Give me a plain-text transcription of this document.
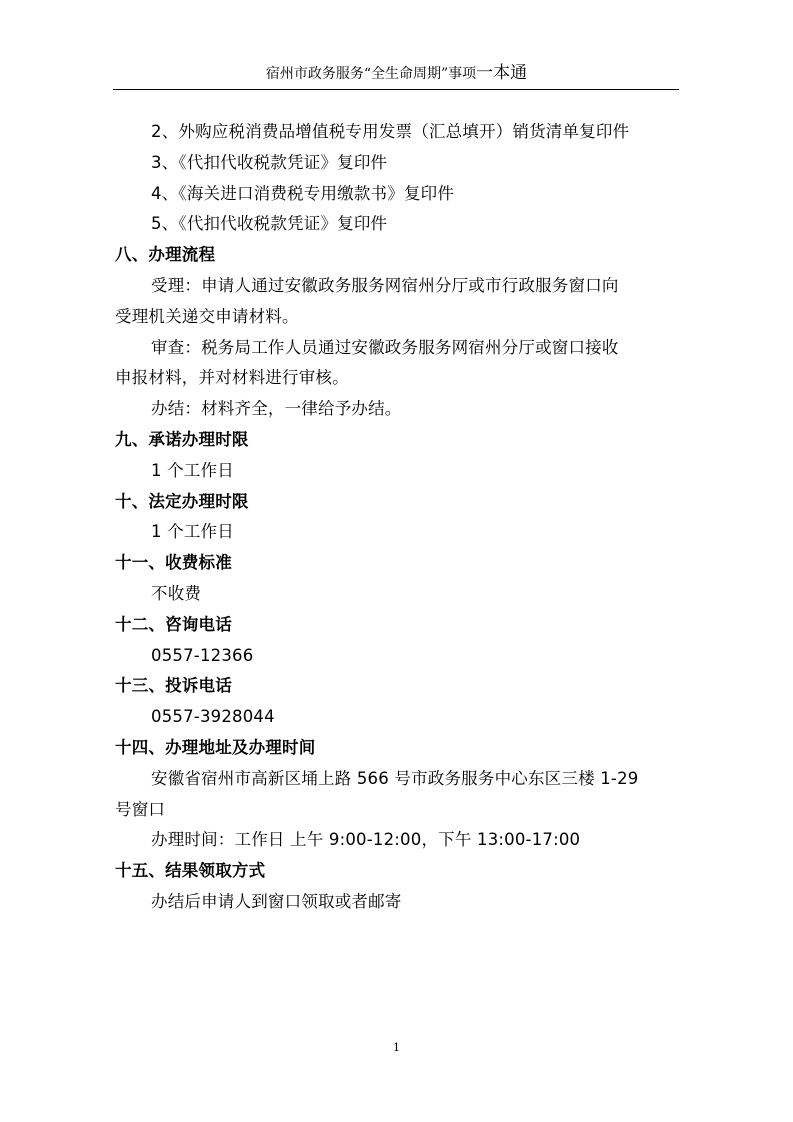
宿州市政务服务“全生命周期”事项一本通
2、外购应税消费品增值税专用发票（汇总填开）销货清单复印件
3、《代扣代收税款凭证》复印件
4、《海关进口消费税专用缴款书》复印件
5、《代扣代收税款凭证》复印件
八、办理流程
受理：申请人通过安徽政务服务网宿州分厅或市行政服务窗口向
受理机关递交申请材料。
审查：税务局工作人员通过安徽政务服务网宿州分厅或窗口接收
申报材料，并对材料进行审核。
办结：材料齐全，一律给予办结。
九、承诺办理时限
1 个工作日
十、法定办理时限
1 个工作日
十一、收费标准
不收费
十二、咨询电话
0557-12366
十三、投诉电话
0557-3928044
十四、办理地址及办理时间
安徽省宿州市高新区埇上路 566 号市政务服务中心东区三楼 1-29
号窗口
办理时间：工作日 上午 9:00-12:00，下午 13:00-17:00
十五、结果领取方式
办结后申请人到窗口领取或者邮寄
1
